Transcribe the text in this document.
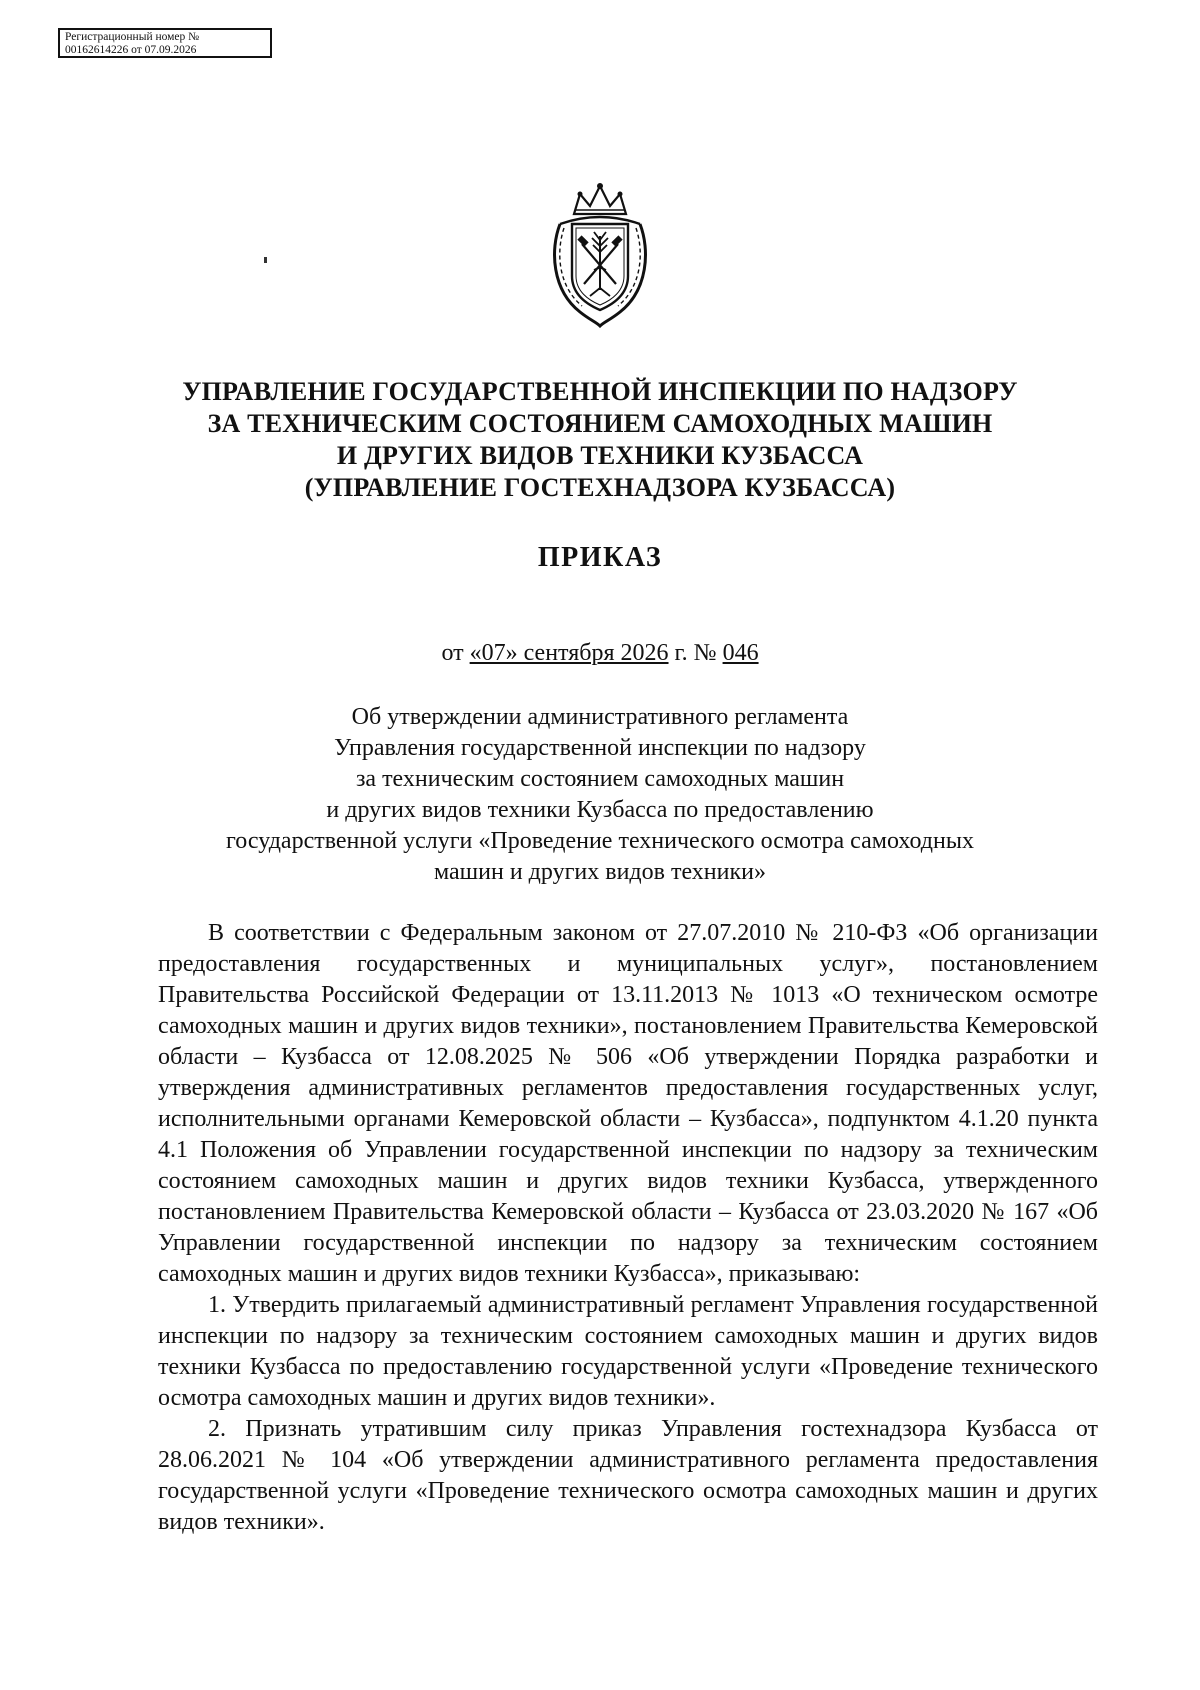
Регистрационный номер №
00162614226 от 07.09.2026
УПРАВЛЕНИЕ ГОСУДАРСТВЕННОЙ ИНСПЕКЦИИ ПО НАДЗОРУ
ЗА ТЕХНИЧЕСКИМ СОСТОЯНИЕМ САМОХОДНЫХ МАШИН
И ДРУГИХ ВИДОВ ТЕХНИКИ КУЗБАССА
(УПРАВЛЕНИЕ ГОСТЕХНАДЗОРА КУЗБАССА)
ПРИКАЗ
от «07» сентября 2026 г. № 046
Об утверждении административного регламента
Управления государственной инспекции по надзору
за техническим состоянием самоходных машин
и других видов техники Кузбасса по предоставлению
государственной услуги «Проведение технического осмотра самоходных
машин и других видов техники»

В соответствии с Федеральным законом от 27.07.2010 № 210-ФЗ «Об организации предоставления государственных и муниципальных услуг», постановлением Правительства Российской Федерации от 13.11.2013 № 1013 «О техническом осмотре самоходных машин и других видов техники», постановлением Правительства Кемеровской области – Кузбасса от 12.08.2025 № 506 «Об утверждении Порядка разработки и утверждения административных регламентов предоставления государственных услуг, исполнительными органами Кемеровской области – Кузбасса», подпунктом 4.1.20 пункта 4.1 Положения об Управлении государственной инспекции по надзору за техническим состоянием самоходных машин и других видов техники Кузбасса, утвержденного постановлением Правительства Кемеровской области – Кузбасса от 23.03.2020 № 167 «Об Управлении государственной инспекции по надзору за техническим состоянием самоходных машин и других видов техники Кузбасса», приказываю:

1. Утвердить прилагаемый административный регламент Управления государственной инспекции по надзору за техническим состоянием самоходных машин и других видов техники Кузбасса по предоставлению государственной услуги «Проведение технического осмотра самоходных машин и других видов техники».

2. Признать утратившим силу приказ Управления гостехнадзора Кузбасса от 28.06.2021 № 104 «Об утверждении административного регламента предоставления государственной услуги «Проведение технического осмотра самоходных машин и других видов техники».
